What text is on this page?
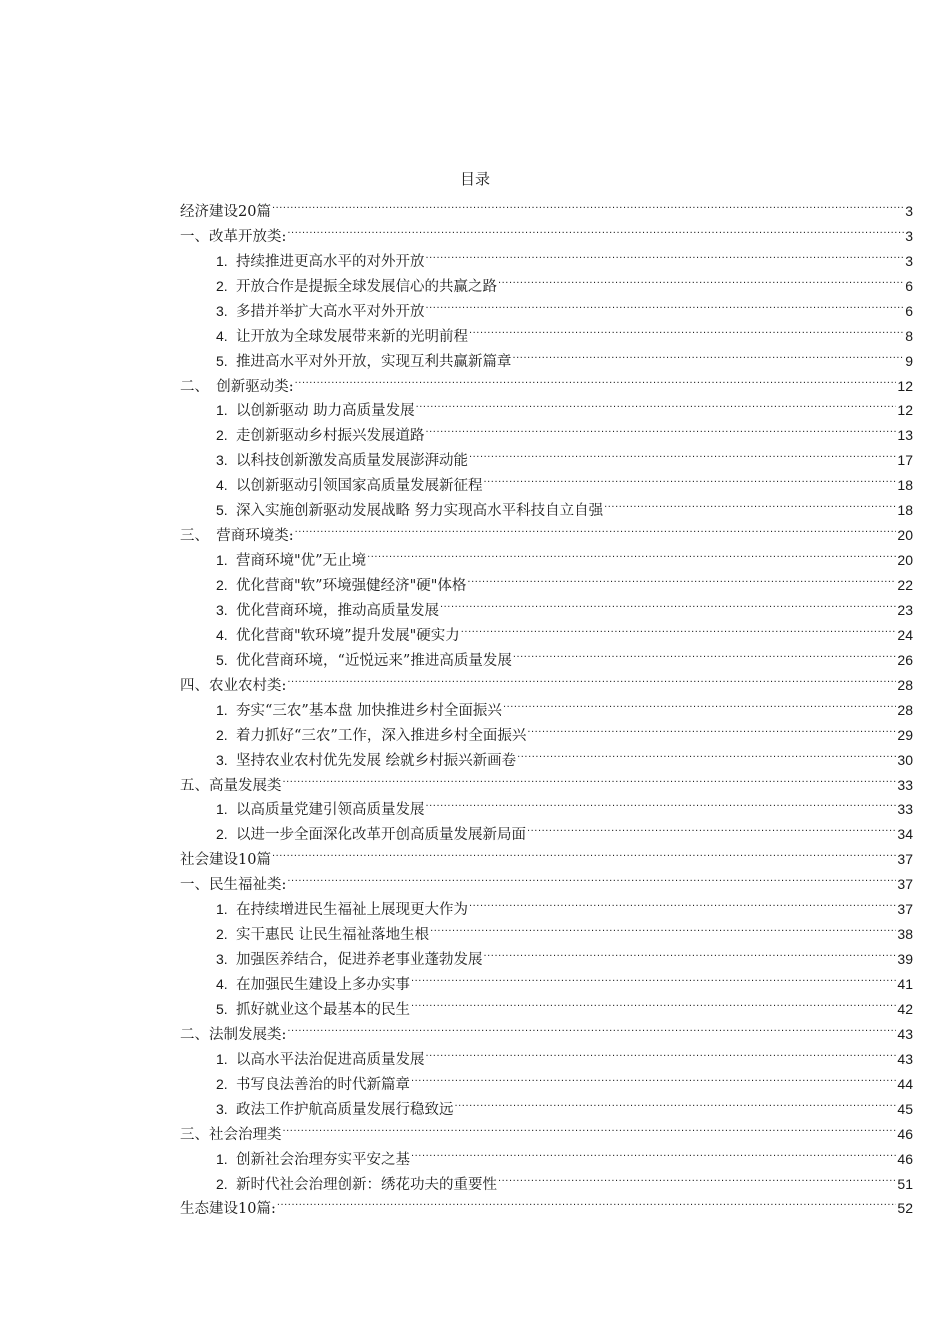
目录
经济建设20篇 .....	3
一、改革开放类: .....	3
1. 持续推进更高水平的对外开放 .....	3
2. 开放合作是提振全球发展信心的共赢之路 .....	6
3. 多措并举扩大高水平对外开放 .....	6
4. 让开放为全球发展带来新的光明前程 .....	8
5. 推进高水平对外开放，实现互利共赢新篇章 .....	9
二、　创新驱动类: .....	12
1. 以创新驱动 助力高质量发展 .....	12
2. 走创新驱动乡村振兴发展道路 .....	13
3. 以科技创新激发高质量发展澎湃动能 .....	17
4. 以创新驱动引领国家高质量发展新征程 .....	18
5. 深入实施创新驱动发展战略 努力实现高水平科技自立自强 .....	18
三、　营商环境类: .....	20
1. 营商环境"优”无止境 .....	20
2. 优化营商"软”环境强健经济"硬"体格 .....	22
3. 优化营商环境，推动高质量发展 .....	23
4. 优化营商"软环境”提升发展"硬实力 .....	24
5. 优化营商环境，“近悦远来”推进高质量发展 .....	26
四、农业农村类: .....	28
1. 夯实“三农”基本盘 加快推进乡村全面振兴 .....	28
2. 着力抓好“三农”工作，深入推进乡村全面振兴 .....	29
3. 坚持农业农村优先发展 绘就乡村振兴新画卷 .....	30
五、高量发展类 .....	33
1. 以高质量党建引领高质量发展 .....	33
2. 以进一步全面深化改革开创高质量发展新局面 .....	34
社会建设10篇 .....	37
一、民生福祉类: .....	37
1. 在持续增进民生福祉上展现更大作为 .....	37
2. 实干惠民 让民生福祉落地生根 .....	38
3. 加强医养结合，促进养老事业蓬勃发展 .....	39
4. 在加强民生建设上多办实事 .....	41
5. 抓好就业这个最基本的民生 .....	42
二、法制发展类: .....	43
1. 以高水平法治促进高质量发展 .....	43
2. 书写良法善治的时代新篇章 .....	44
3. 政法工作护航高质量发展行稳致远 .....	45
三、社会治理类 .....	46
1. 创新社会治理夯实平安之基 .....	46
2. 新时代社会治理创新：绣花功夫的重要性 .....	51
生态建设10篇: .....	52
